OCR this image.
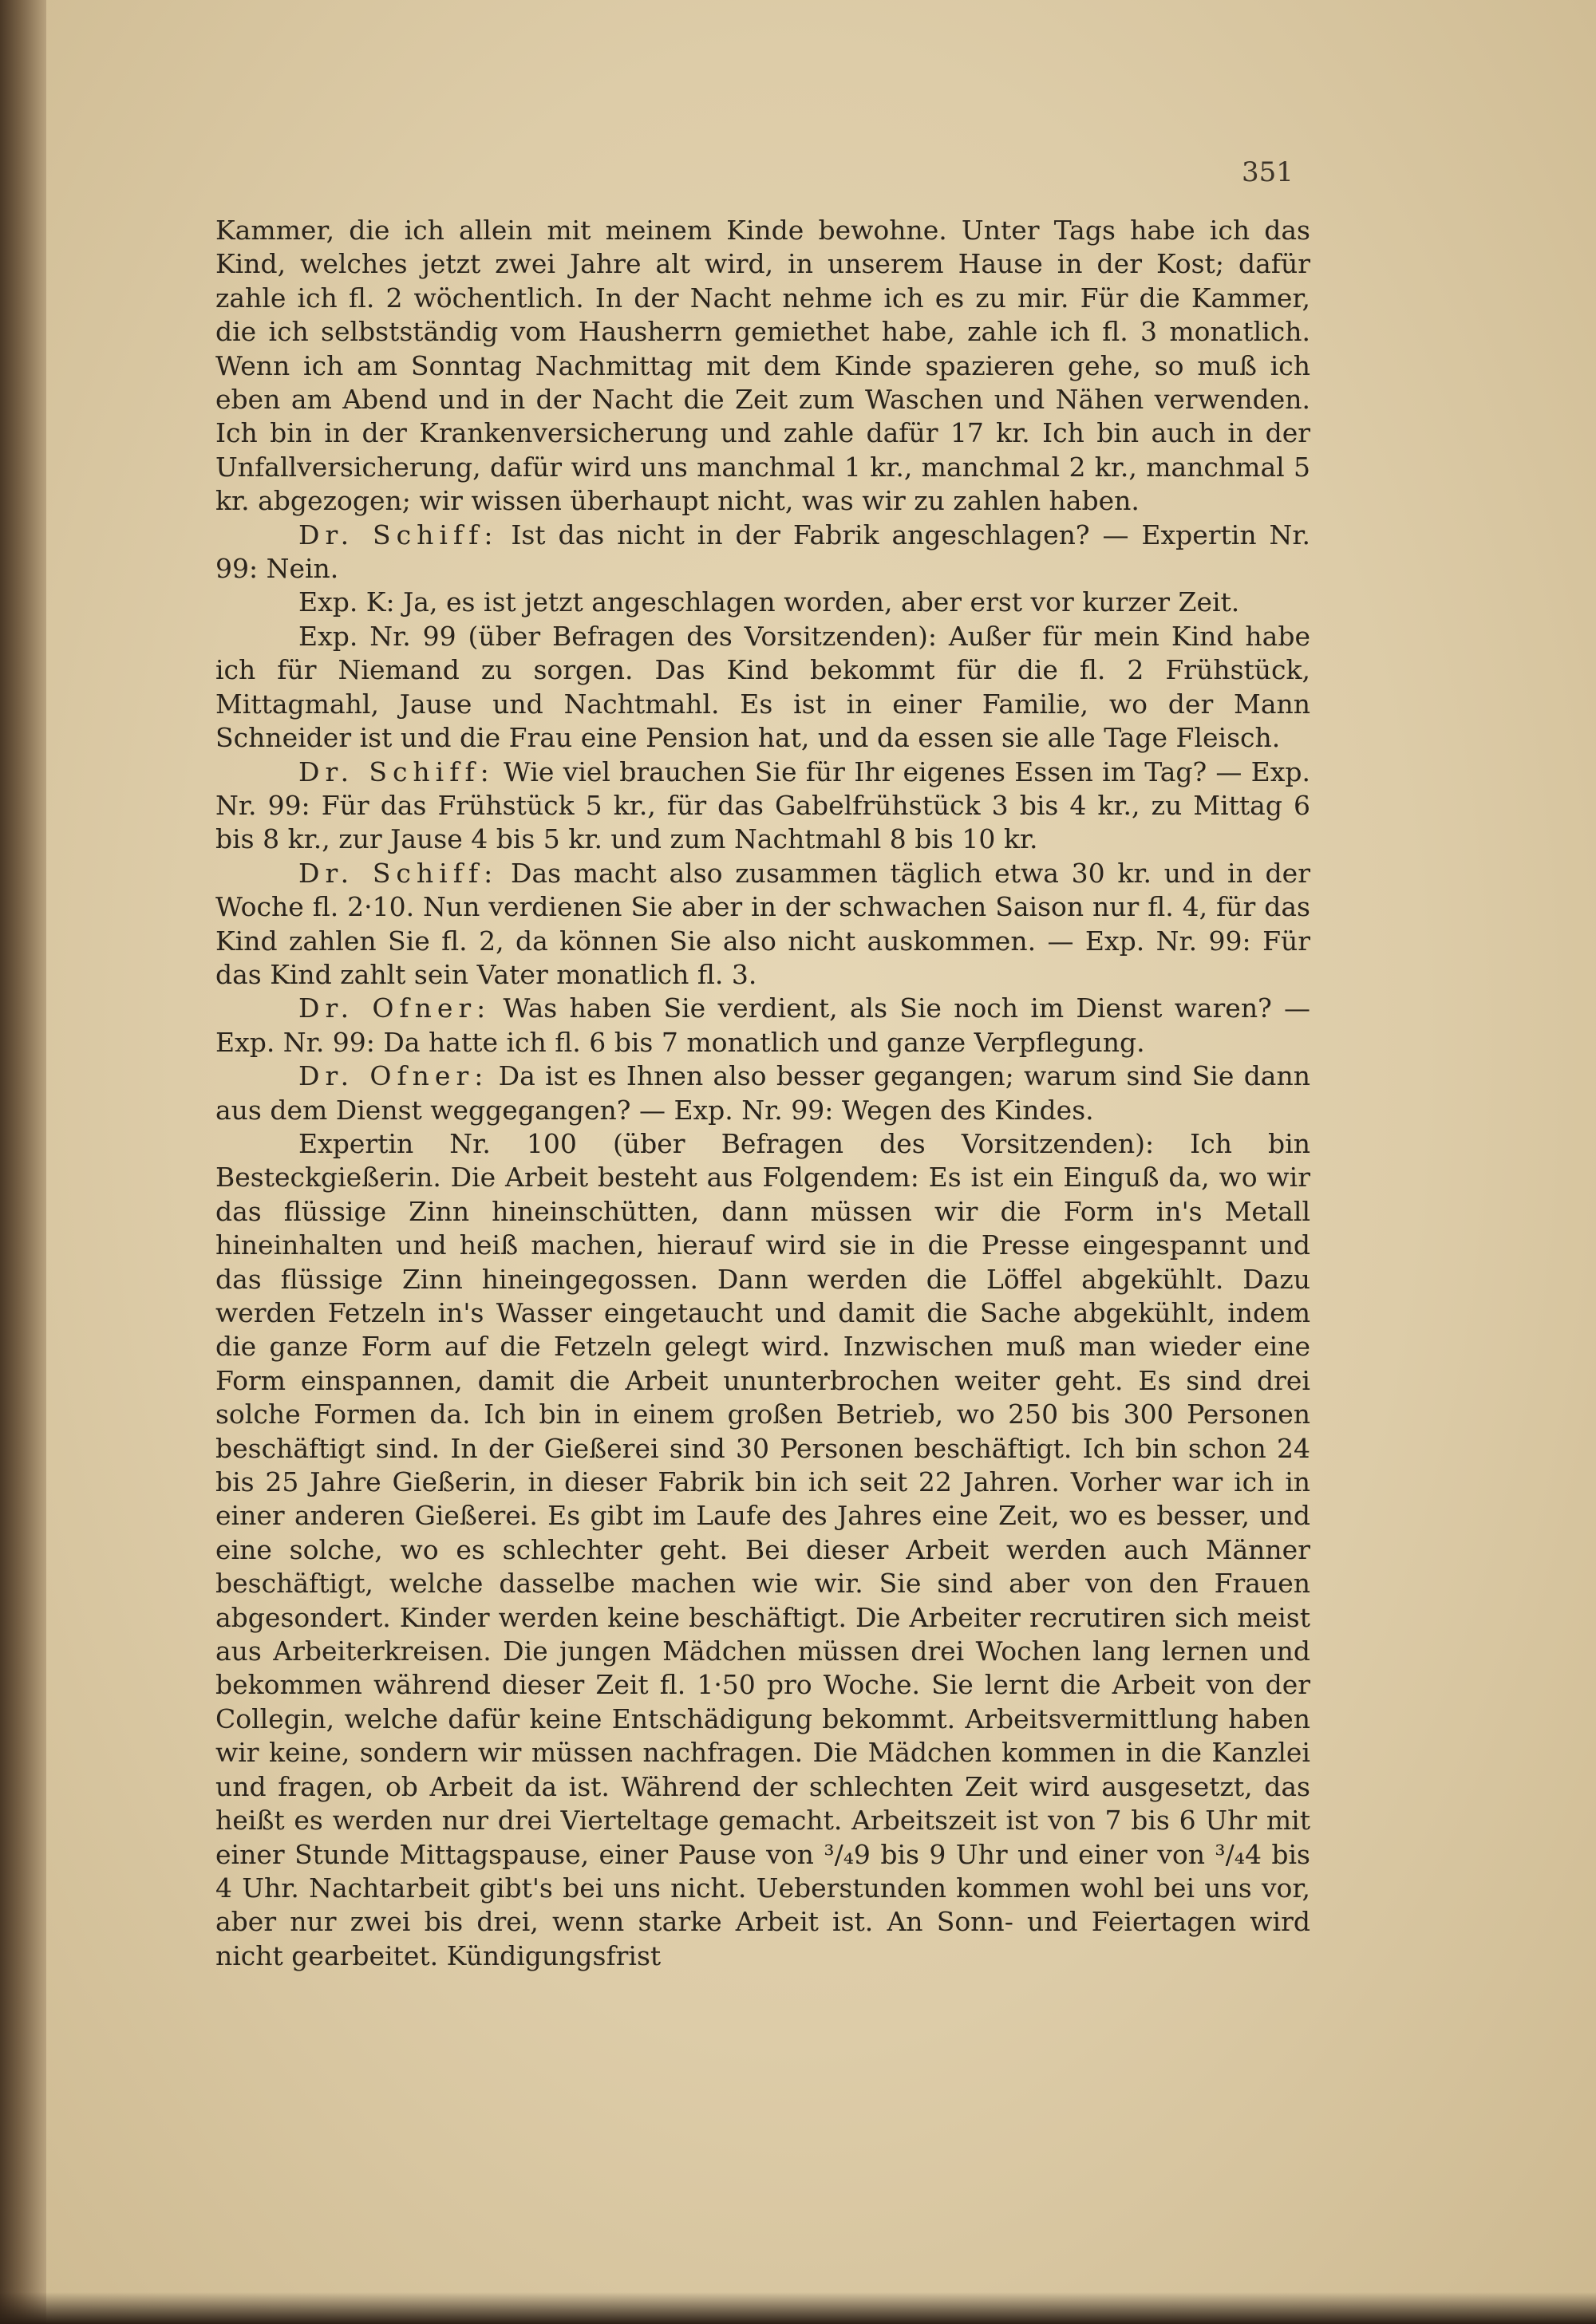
351

Kammer, die ich allein mit meinem Kinde bewohne. Unter Tags habe ich das Kind, welches jetzt zwei Jahre alt wird, in unserem Hause in der Kost; dafür zahle ich fl. 2 wöchentlich. In der Nacht nehme ich es zu mir. Für die Kammer, die ich selbstständig vom Hausherrn gemiethet habe, zahle ich fl. 3 monatlich. Wenn ich am Sonntag Nachmittag mit dem Kinde spazieren gehe, so muß ich eben am Abend und in der Nacht die Zeit zum Waschen und Nähen verwenden. Ich bin in der Krankenversicherung und zahle dafür 17 kr. Ich bin auch in der Unfallversicherung, dafür wird uns manchmal 1 kr., manchmal 2 kr., manchmal 5 kr. abgezogen; wir wissen überhaupt nicht, was wir zu zahlen haben.

Dr. Schiff: Ist das nicht in der Fabrik angeschlagen? — Expertin Nr. 99: Nein.

Exp. K: Ja, es ist jetzt angeschlagen worden, aber erst vor kurzer Zeit.

Exp. Nr. 99 (über Befragen des Vorsitzenden): Außer für mein Kind habe ich für Niemand zu sorgen. Das Kind bekommt für die fl. 2 Frühstück, Mittagmahl, Jause und Nachtmahl. Es ist in einer Familie, wo der Mann Schneider ist und die Frau eine Pension hat, und da essen sie alle Tage Fleisch.

Dr. Schiff: Wie viel brauchen Sie für Ihr eigenes Essen im Tag? — Exp. Nr. 99: Für das Frühstück 5 kr., für das Gabelfrühstück 3 bis 4 kr., zu Mittag 6 bis 8 kr., zur Jause 4 bis 5 kr. und zum Nachtmahl 8 bis 10 kr.

Dr. Schiff: Das macht also zusammen täglich etwa 30 kr. und in der Woche fl. 2·10. Nun verdienen Sie aber in der schwachen Saison nur fl. 4, für das Kind zahlen Sie fl. 2, da können Sie also nicht auskommen. — Exp. Nr. 99: Für das Kind zahlt sein Vater monatlich fl. 3.

Dr. Ofner: Was haben Sie verdient, als Sie noch im Dienst waren? — Exp. Nr. 99: Da hatte ich fl. 6 bis 7 monatlich und ganze Verpflegung.

Dr. Ofner: Da ist es Ihnen also besser gegangen; warum sind Sie dann aus dem Dienst weggegangen? — Exp. Nr. 99: Wegen des Kindes.

Expertin Nr. 100 (über Befragen des Vorsitzenden): Ich bin Besteckgießerin. Die Arbeit besteht aus Folgendem: Es ist ein Einguß da, wo wir das flüssige Zinn hineinschütten, dann müssen wir die Form in's Metall hineinhalten und heiß machen, hierauf wird sie in die Presse eingespannt und das flüssige Zinn hineingegossen. Dann werden die Löffel abgekühlt. Dazu werden Fetzeln in's Wasser eingetaucht und damit die Sache abgekühlt, indem die ganze Form auf die Fetzeln gelegt wird. Inzwischen muß man wieder eine Form einspannen, damit die Arbeit ununterbrochen weiter geht. Es sind drei solche Formen da. Ich bin in einem großen Betrieb, wo 250 bis 300 Personen beschäftigt sind. In der Gießerei sind 30 Personen beschäftigt. Ich bin schon 24 bis 25 Jahre Gießerin, in dieser Fabrik bin ich seit 22 Jahren. Vorher war ich in einer anderen Gießerei. Es gibt im Laufe des Jahres eine Zeit, wo es besser, und eine solche, wo es schlechter geht. Bei dieser Arbeit werden auch Männer beschäftigt, welche dasselbe machen wie wir. Sie sind aber von den Frauen abgesondert. Kinder werden keine beschäftigt. Die Arbeiter recrutiren sich meist aus Arbeiterkreisen. Die jungen Mädchen müssen drei Wochen lang lernen und bekommen während dieser Zeit fl. 1·50 pro Woche. Sie lernt die Arbeit von der Collegin, welche dafür keine Entschädigung bekommt. Arbeitsvermittlung haben wir keine, sondern wir müssen nachfragen. Die Mädchen kommen in die Kanzlei und fragen, ob Arbeit da ist. Während der schlechten Zeit wird ausgesetzt, das heißt es werden nur drei Vierteltage gemacht. Arbeitszeit ist von 7 bis 6 Uhr mit einer Stunde Mittagspause, einer Pause von ³/₄9 bis 9 Uhr und einer von ³/₄4 bis 4 Uhr. Nachtarbeit gibt's bei uns nicht. Ueberstunden kommen wohl bei uns vor, aber nur zwei bis drei, wenn starke Arbeit ist. An Sonn- und Feiertagen wird nicht gearbeitet. Kündigungsfrist
